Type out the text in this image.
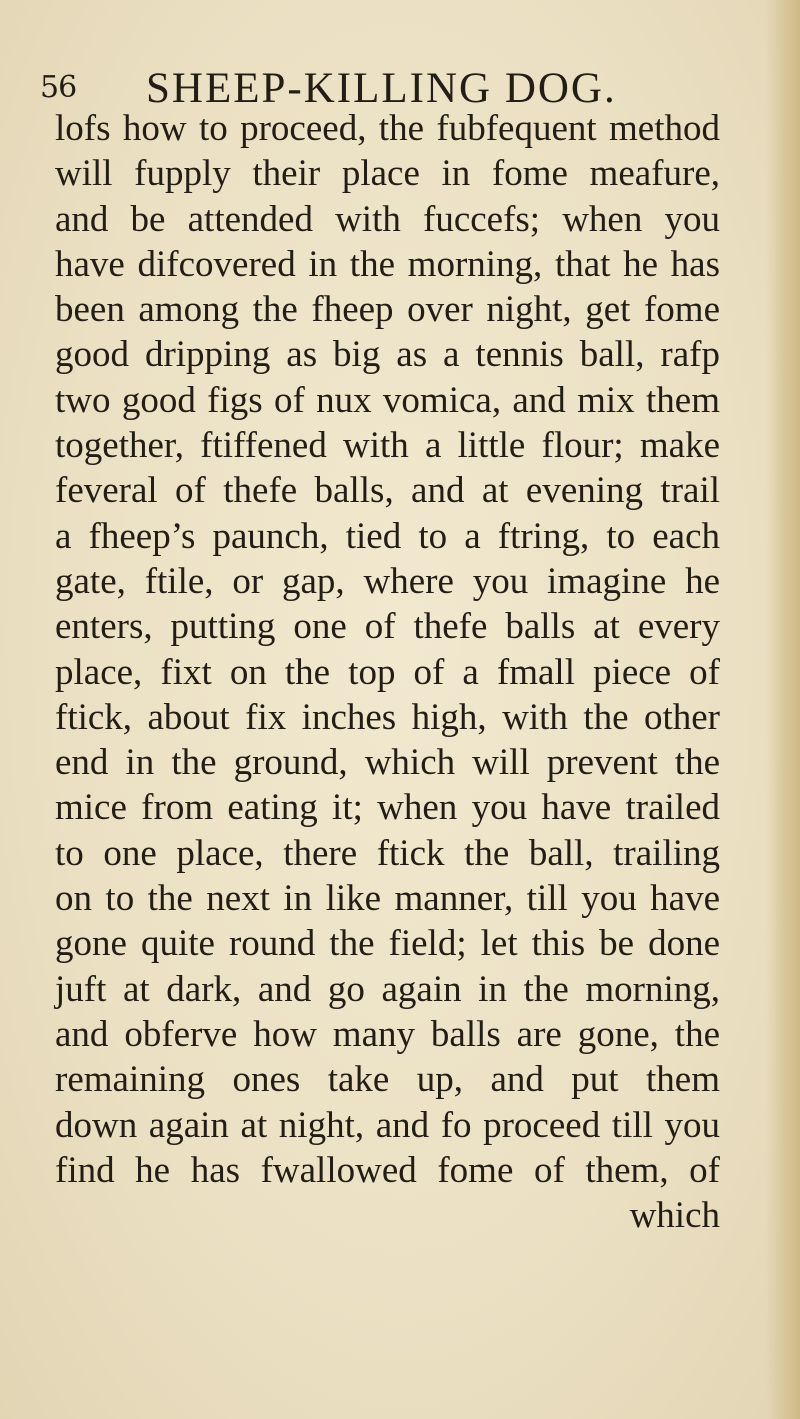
56 SHEEP-KILLING DOG.
lofs how to proceed, the fubfequent method
will fupply their place in fome meafure,
and be attended with fuccefs; when you
have difcovered in the morning, that he has
been among the fheep over night, get fome
good dripping as big as a tennis ball, rafp
two good figs of nux vomica, and mix them
together, ftiffened with a little flour; make
feveral of thefe balls, and at evening trail
a fheep’s paunch, tied to a ftring, to each
gate, ftile, or gap, where you imagine he
enters, putting one of thefe balls at every
place, fixt on the top of a fmall piece of
ftick, about fix inches high, with the other
end in the ground, which will prevent the
mice from eating it; when you have trailed
to one place, there ftick the ball, trailing
on to the next in like manner, till you have
gone quite round the field; let this be done
juft at dark, and go again in the morning,
and obferve how many balls are gone, the
remaining ones take up, and put them
down again at night, and fo proceed till you
find he has fwallowed fome of them, of
which
